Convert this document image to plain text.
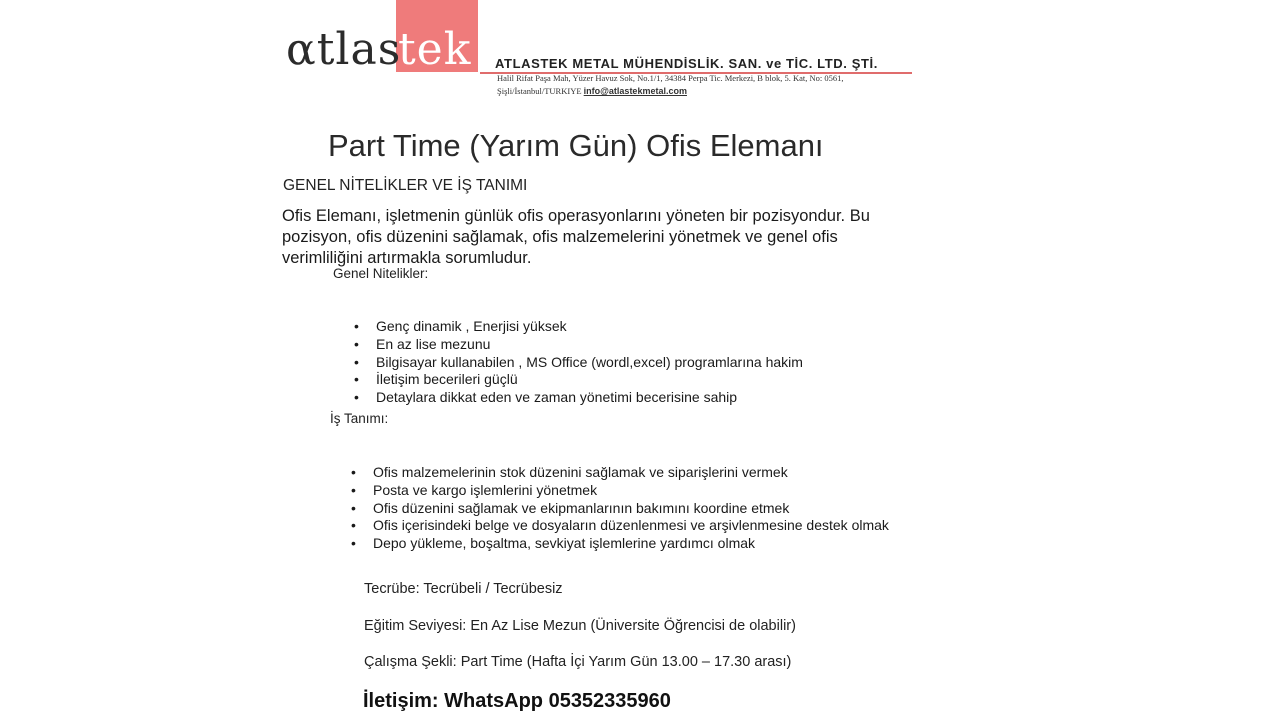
αtlas
tek ATLASTEK METAL MÜHENDİSLİK. SAN. ve TİC. LTD. ŞTİ.
Halil Rifat Paşa Mah, Yüzer Havuz Sok, No.1/1, 34384 Perpa Tic. Merkezi, B blok, 5. Kat, No: 0561,
Şişli/İstanbul/TURKIYE info@atlastekmetal.com
Part Time (Yarım Gün) Ofis Elemanı
GENEL NİTELİKLER VE İŞ TANIMI
Ofis Elemanı, işletmenin günlük ofis operasyonlarını yöneten bir pozisyondur. Bu pozisyon, ofis düzenini sağlamak, ofis malzemelerini yönetmek ve genel ofis verimliliğini artırmakla sorumludur.
Genel Nitelikler:
• Genç dinamik , Enerjisi yüksek
• En az lise mezunu
• Bilgisayar kullanabilen , MS Office (wordl,excel) programlarına hakim
• İletişim becerileri güçlü
• Detaylara dikkat eden ve zaman yönetimi becerisine sahip
İş Tanımı:
• Ofis malzemelerinin stok düzenini sağlamak ve siparişlerini vermek
• Posta ve kargo işlemlerini yönetmek
• Ofis düzenini sağlamak ve ekipmanlarının bakımını koordine etmek
• Ofis içerisindeki belge ve dosyaların düzenlenmesi ve arşivlenmesine destek olmak
• Depo yükleme, boşaltma, sevkiyat işlemlerine yardımcı olmak
Tecrübe: Tecrübeli / Tecrübesiz
Eğitim Seviyesi: En Az Lise Mezun (Üniversite Öğrencisi de olabilir)
Çalışma Şekli: Part Time (Hafta İçi Yarım Gün 13.00 – 17.30 arası)
İletişim: WhatsApp 05352335960
